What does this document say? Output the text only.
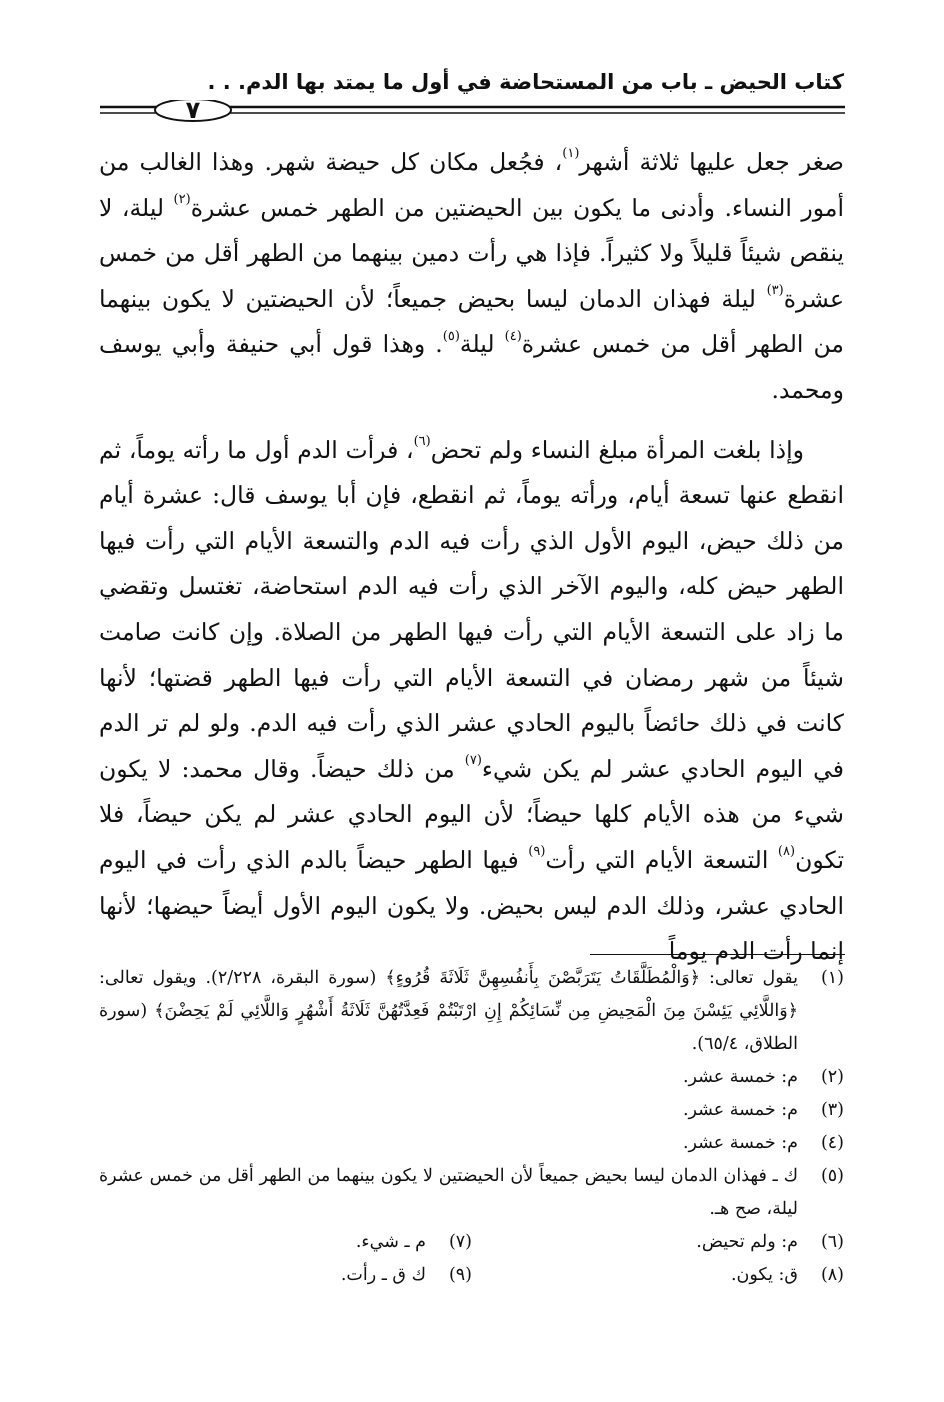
كتاب الحيض ـ باب من المستحاضة في أول ما يمتد بها الدم. . .
٧

صغر جعل عليها ثلاثة أشهر$^{(١)}$، فجُعل مكان كل حيضة شهر. وهذا الغالب من أمور النساء. وأدنى ما يكون بين الحيضتين من الطهر خمس عشرة$^{(٢)}$ ليلة، لا ينقص شيئاً قليلاً ولا كثيراً. فإذا هي رأت دمين بينهما من الطهر أقل من خمس عشرة$^{(٣)}$ ليلة فهذان الدمان ليسا بحيض جميعاً؛ لأن الحيضتين لا يكون بينهما من الطهر أقل من خمس عشرة$^{(٤)}$ ليلة$^{(٥)}$. وهذا قول أبي حنيفة وأبي يوسف ومحمد.

وإذا بلغت المرأة مبلغ النساء ولم تحض$^{(٦)}$، فرأت الدم أول ما رأته يوماً، ثم انقطع عنها تسعة أيام، ورأته يوماً، ثم انقطع، فإن أبا يوسف قال: عشرة أيام من ذلك حيض، اليوم الأول الذي رأت فيه الدم والتسعة الأيام التي رأت فيها الطهر حيض كله، واليوم الآخر الذي رأت فيه الدم استحاضة، تغتسل وتقضي ما زاد على التسعة الأيام التي رأت فيها الطهر من الصلاة. وإن كانت صامت شيئاً من شهر رمضان في التسعة الأيام التي رأت فيها الطهر قضتها؛ لأنها كانت في ذلك حائضاً باليوم الحادي عشر الذي رأت فيه الدم. ولو لم تر الدم في اليوم الحادي عشر لم يكن شيء$^{(٧)}$ من ذلك حيضاً. وقال محمد: لا يكون شيء من هذه الأيام كلها حيضاً؛ لأن اليوم الحادي عشر لم يكن حيضاً، فلا تكون$^{(٨)}$ التسعة الأيام التي رأت$^{(٩)}$ فيها الطهر حيضاً بالدم الذي رأت في اليوم الحادي عشر، وذلك الدم ليس بحيض. ولا يكون اليوم الأول أيضاً حيضها؛ لأنها إنما رأت الدم يوماً

(١)
يقول تعالى: ﴿وَالْمُطَلَّقَاتُ يَتَرَبَّصْنَ بِأَنفُسِهِنَّ ثَلَاثَةَ قُرُوءٍ﴾ (سورة البقرة، ٢/٢٢٨). ويقول تعالى: ﴿وَاللَّائِي يَئِسْنَ مِنَ الْمَحِيضِ مِن نِّسَائِكُمْ إِنِ ارْتَبْتُمْ فَعِدَّتُهُنَّ ثَلَاثَةُ أَشْهُرٍ وَاللَّائِي لَمْ يَحِضْنَ﴾ (سورة الطلاق، ٦٥/٤).
(٢)
م: خمسة عشر.
(٣)
م: خمسة عشر.
(٤)
م: خمسة عشر.
(٥)
ك ـ فهذان الدمان ليسا بحيض جميعاً لأن الحيضتين لا يكون بينهما من الطهر أقل من خمس عشرة ليلة، صح هـ.
(٦)
م: ولم تحيض.
(٧)
م ـ شيء.
(٨)
ق: يكون.
(٩)
ك ق ـ رأت.
